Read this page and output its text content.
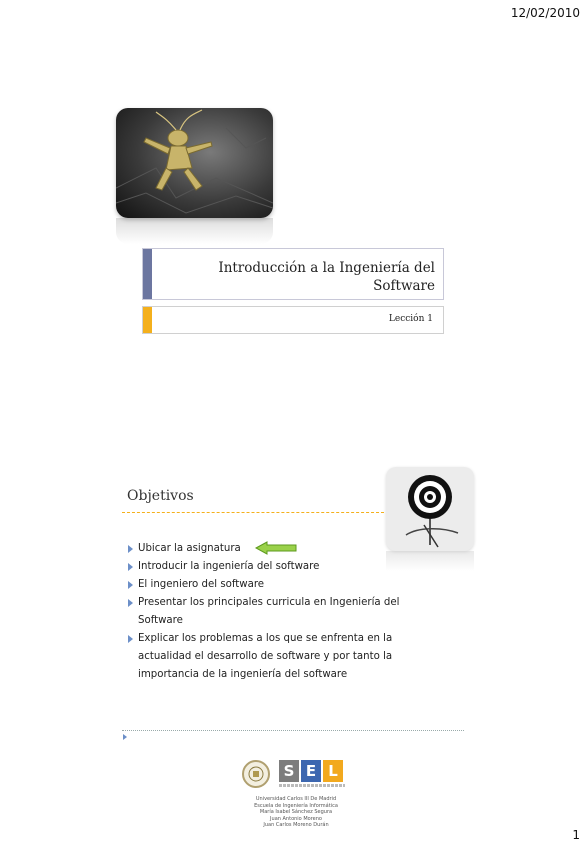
12/02/2010
Introducción a la Ingeniería del Software
Lección 1
Objetivos
Ubicar la asignatura
Introducir la ingeniería del software
El ingeniero del software
Presentar los principales curricula en Ingeniería del Software
Explicar los problemas a los que se enfrenta en la actualidad el desarrollo de software y por tanto la importancia de la ingeniería del software
S E L
Universidad Carlos III De Madrid
Escuela de Ingeniería Informática
María Isabel Sánchez Segura
Juan Antonio Moreno
Juan Carlos Moreno Durán
1
